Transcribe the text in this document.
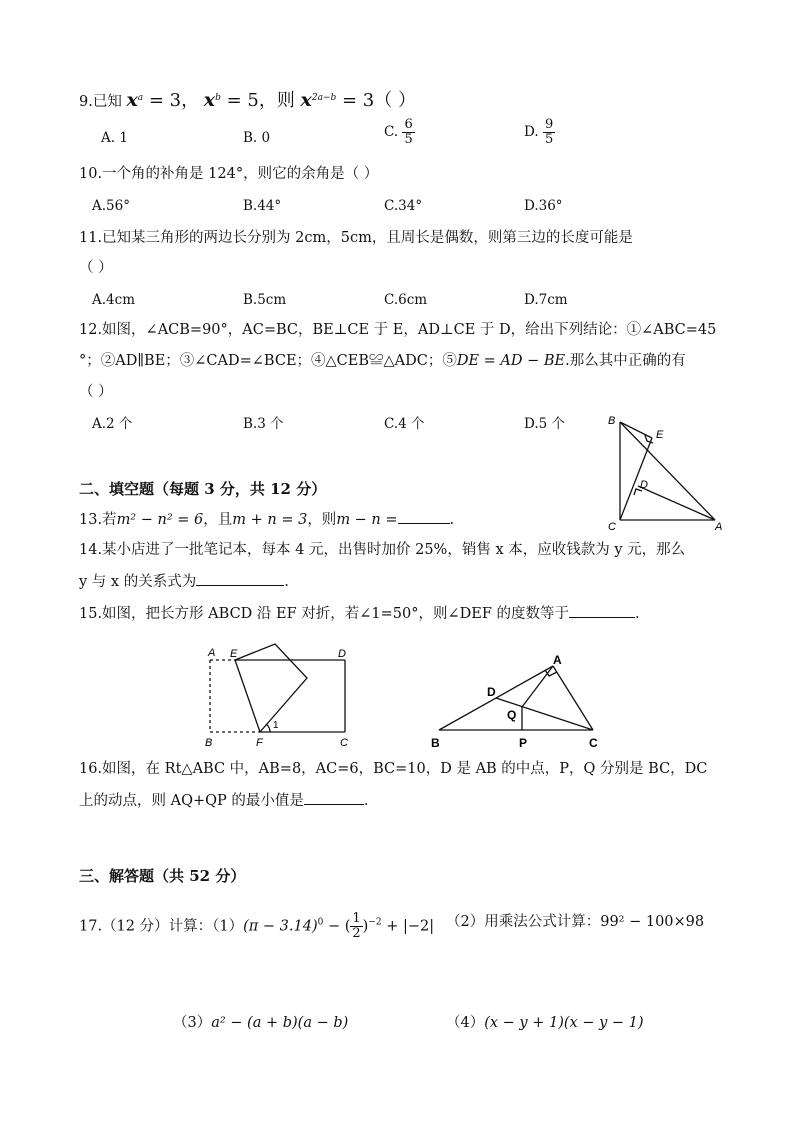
9.已知 $x^a = 3$， $x^b = 5$，则 $x^{2a-b} = 3$（ ）
A. 1	B. 0	C. $\frac{6}{5}$	D. $\frac{9}{5}$
10.一个角的补角是 124°，则它的余角是（ ）
A.56°	B.44°	C.34°	D.36°
11.已知某三角形的两边长分别为 2cm，5cm，且周长是偶数，则第三边的长度可能是
（ ）
A.4cm	B.5cm	C.6cm	D.7cm
12.如图，∠ACB=90°，AC=BC，BE⊥CE 于 E，AD⊥CE 于 D，给出下列结论：①∠ABC=45
°；②AD∥BE；③∠CAD=∠BCE；④△CEB≌△ADC；⑤DE = AD − BE.那么其中正确的有
（ ）
A.2 个	B.3 个	C.4 个	D.5 个	B
E
D
C	A
二、填空题（每题 3 分，共 12 分）
13.若m² − n² = 6，且m + n = 3，则m − n =	.
14.某小店进了一批笔记本，每本 4 元，出售时加价 25%，销售 x 本，应收钱款为 y 元，那么
y 与 x 的关系式为	.
15.如图，把长方形 ABCD 沿 EF 对折，若∠1=50°，则∠DEF 的度数等于	.
A E	D
B	F	C
1
A
D
Q
B	P	C
16.如图，在 Rt△ABC 中，AB=8，AC=6，BC=10，D 是 AB 的中点，P，Q 分别是 BC，DC
上的动点，则 AQ+QP 的最小值是	.
三、解答题（共 52 分）
17.（12 分）计算：$(1)(\pi - 3.14)^0$ − ( $\frac{1}{2} )^{-2} + |-2|$ （2）用乘法公式计算：99² − 100×98
（3）a² − (a + b)(a − b)	（4）(x − y + 1)(x − y − 1)
